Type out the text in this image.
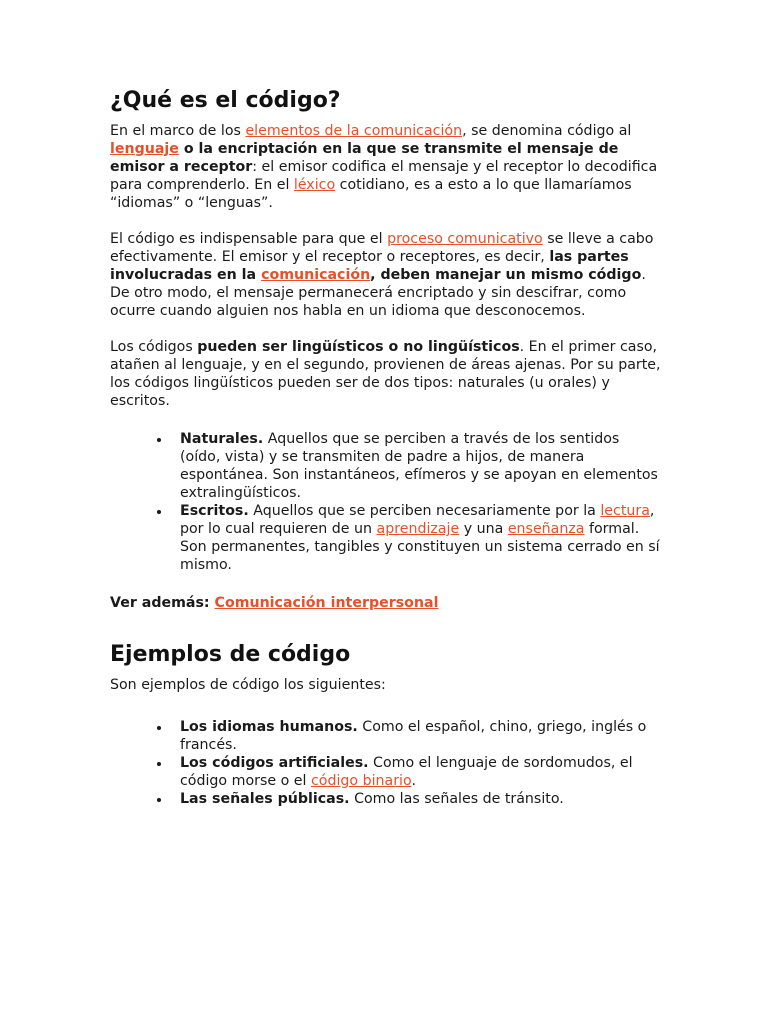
¿Qué es el código?

En el marco de los elementos de la comunicación, se denomina código al lenguaje o la encriptación en la que se transmite el mensaje de emisor a receptor: el emisor codifica el mensaje y el receptor lo decodifica para comprenderlo. En el léxico cotidiano, es a esto a lo que llamaríamos “idiomas” o “lenguas”.

El código es indispensable para que el proceso comunicativo se lleve a cabo efectivamente. El emisor y el receptor o receptores, es decir, las partes involucradas en la comunicación, deben manejar un mismo código. De otro modo, el mensaje permanecerá encriptado y sin descifrar, como ocurre cuando alguien nos habla en un idioma que desconocemos.

Los códigos pueden ser lingüísticos o no lingüísticos. En el primer caso, atañen al lenguaje, y en el segundo, provienen de áreas ajenas. Por su parte, los códigos lingüísticos pueden ser de dos tipos: naturales (u orales) y escritos.

Naturales. Aquellos que se perciben a través de los sentidos (oído, vista) y se transmiten de padre a hijos, de manera espontánea. Son instantáneos, efímeros y se apoyan en elementos extralingüísticos.
Escritos. Aquellos que se perciben necesariamente por la lectura, por lo cual requieren de un aprendizaje y una enseñanza formal. Son permanentes, tangibles y constituyen un sistema cerrado en sí mismo.

Ver además: Comunicación interpersonal

Ejemplos de código

Son ejemplos de código los siguientes:

Los idiomas humanos. Como el español, chino, griego, inglés o francés.
Los códigos artificiales. Como el lenguaje de sordomudos, el código morse o el código binario.
Las señales públicas. Como las señales de tránsito.
